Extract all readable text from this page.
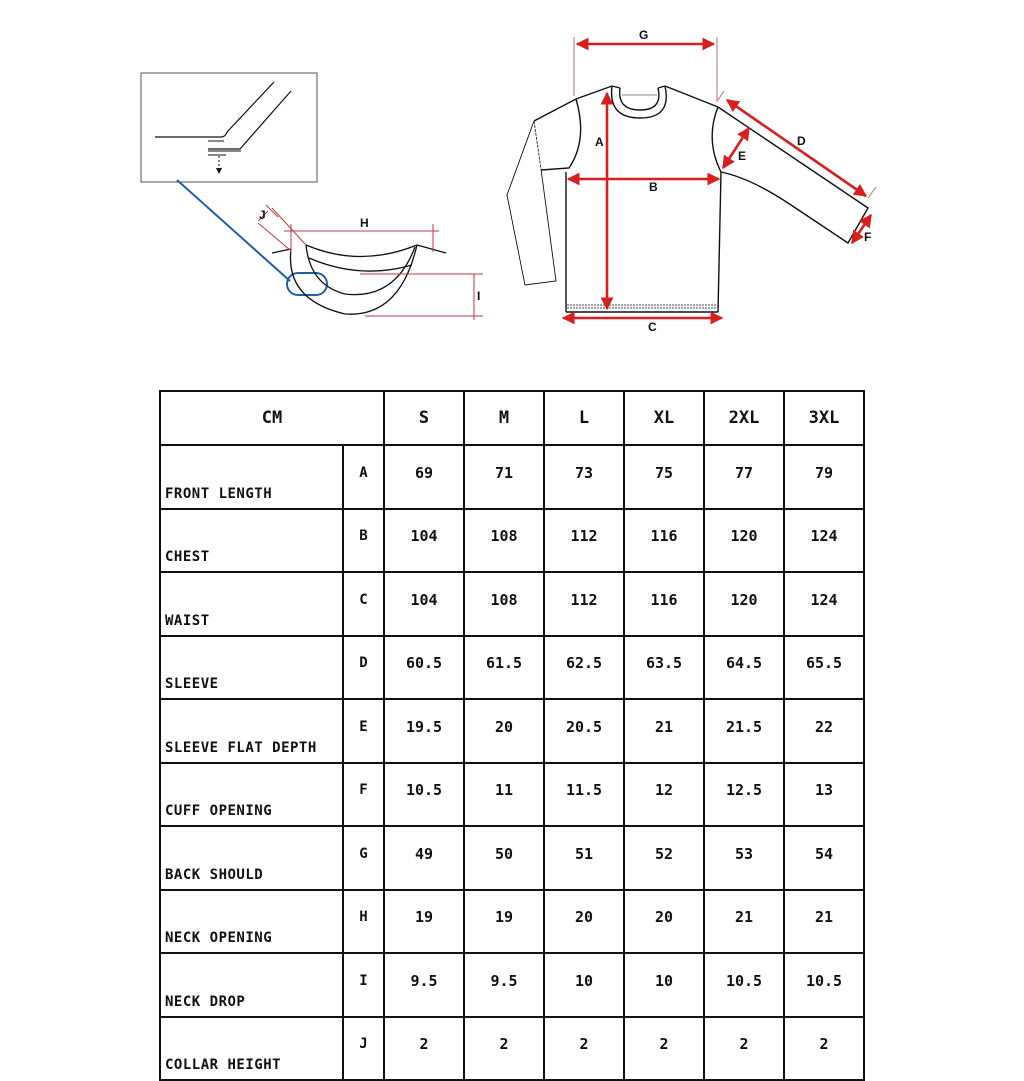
H
J
I
G
A
B
C
D
E
F
CM		S	M	L	XL	2XL	3XL
FRONT LENGTH	A	69	71	73	75	77	79
CHEST	B	104	108	112	116	120	124
WAIST	C	104	108	112	116	120	124
SLEEVE	D	60.5	61.5	62.5	63.5	64.5	65.5
SLEEVE FLAT DEPTH	E	19.5	20	20.5	21	21.5	22
CUFF OPENING	F	10.5	11	11.5	12	12.5	13
BACK SHOULD	G	49	50	51	52	53	54
NECK OPENING	H	19	19	20	20	21	21
NECK DROP	I	9.5	9.5	10	10	10.5	10.5
COLLAR HEIGHT	J	2	2	2	2	2	2
